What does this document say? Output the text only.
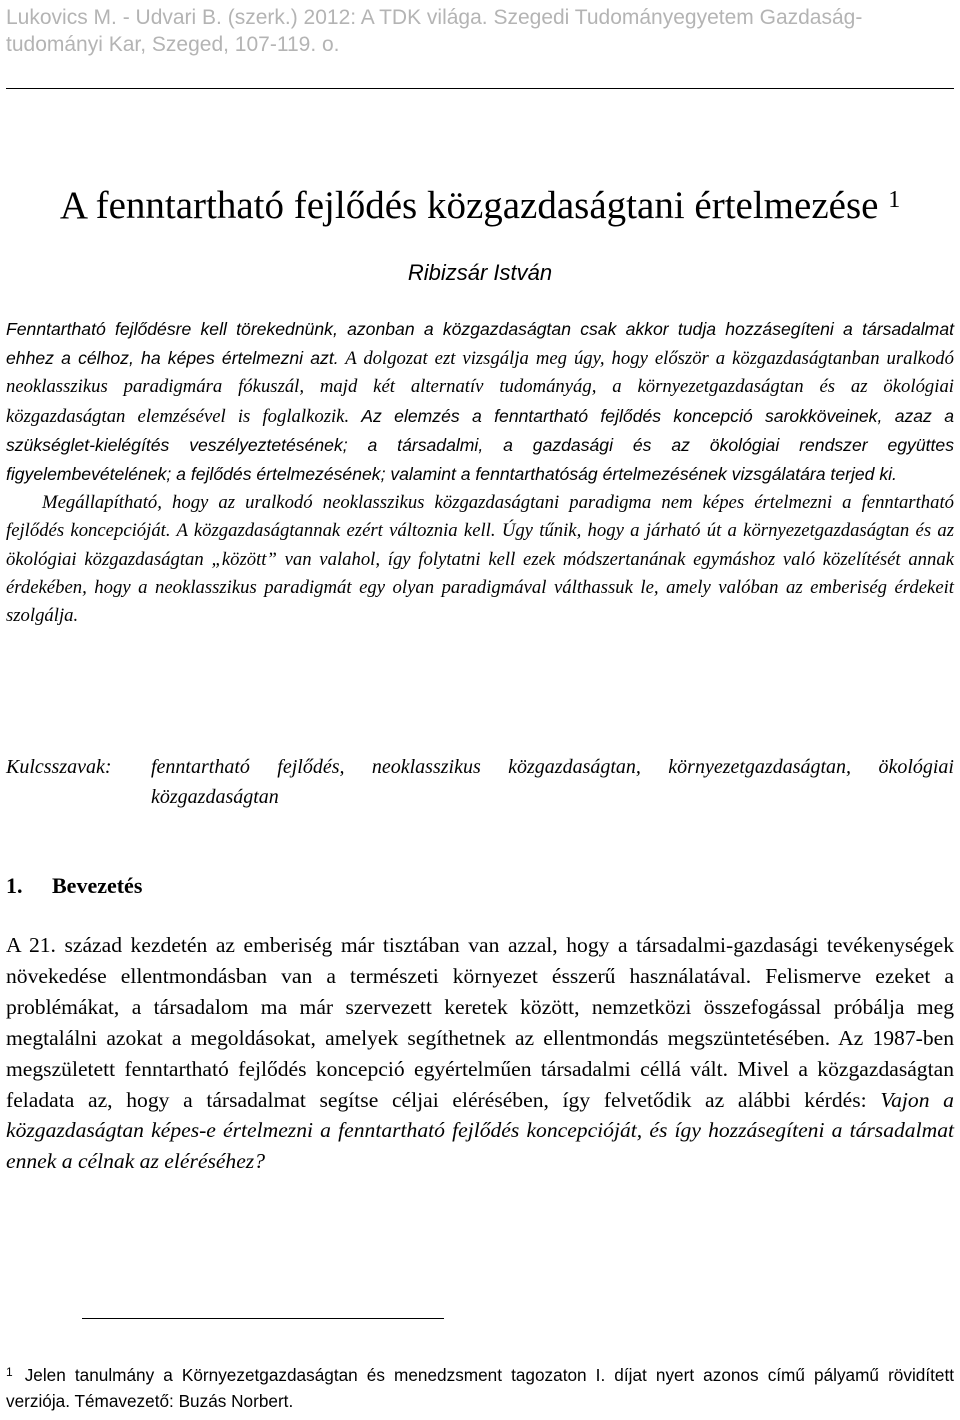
Lukovics M. - Udvari B. (szerk.) 2012: A TDK világa. Szegedi Tudományegyetem Gazdaság-tudományi Kar, Szeged, 107-119. o.
A fenntartható fejlődés közgazdaságtani értelmezése $^1$
Ribizsár István

Fenntartható fejlődésre kell törekednünk, azonban a közgazdaságtan csak akkor tudja hozzásegíteni a társadalmat ehhez a célhoz, ha képes értelmezni azt. A dolgozat ezt vizsgálja meg úgy, hogy először a közgazdaságtanban uralkodó neoklasszikus paradigmára fókuszál, majd két alternatív tudományág, a környezetgazdaságtan és az ökológiai közgazdaságtan elemzésével is foglalkozik. Az elemzés a fenntartható fejlődés koncepció sarokköveinek, azaz a szükséglet-kielégítés veszélyeztetésének; a társadalmi, a gazdasági és az ökológiai rendszer együttes figyelembevételének; a fejlődés értelmezésének; valamint a fenntarthatóság értelmezésének vizsgálatára terjed ki.

Megállapítható, hogy az uralkodó neoklasszikus közgazdaságtani paradigma nem képes értelmezni a fenntartható fejlődés koncepcióját. A közgazdaságtannak ezért változnia kell. Úgy tűnik, hogy a járható út a környezetgazdaságtan és az ökológiai közgazdaságtan „között” van valahol, így folytatni kell ezek módszertanának egymáshoz való közelítését annak érdekében, hogy a neoklasszikus paradigmát egy olyan paradigmával válthassuk le, amely valóban az emberiség érdekeit szolgálja.

Kulcsszavak:	fenntartható fejlődés, neoklasszikus közgazdaságtan, környezetgazdaságtan, ökológiai közgazdaságtan
1. Bevezetés

A 21. század kezdetén az emberiség már tisztában van azzal, hogy a társadalmi-gazdasági tevékenységek növekedése ellentmondásban van a természeti környezet ésszerű használatával. Felismerve ezeket a problémákat, a társadalom ma már szervezett keretek között, nemzetközi összefogással próbálja meg megtalálni azokat a megoldásokat, amelyek segíthetnek az ellentmondás megszüntetésében. Az 1987-ben megszületett fenntartható fejlődés koncepció egyértelműen társadalmi céllá vált. Mivel a közgazdaságtan feladata az, hogy a társadalmat segítse céljai elérésében, így felvetődik az alábbi kérdés: Vajon a közgazdaságtan képes-e értelmezni a fenntartható fejlődés koncepcióját, és így hozzásegíteni a társadalmat ennek a célnak az eléréséhez?

$^1$ Jelen tanulmány a Környezetgazdaságtan és menedzsment tagozaton I. díjat nyert azonos című pályamű rövidített verziója. Témavezető: Buzás Norbert.
